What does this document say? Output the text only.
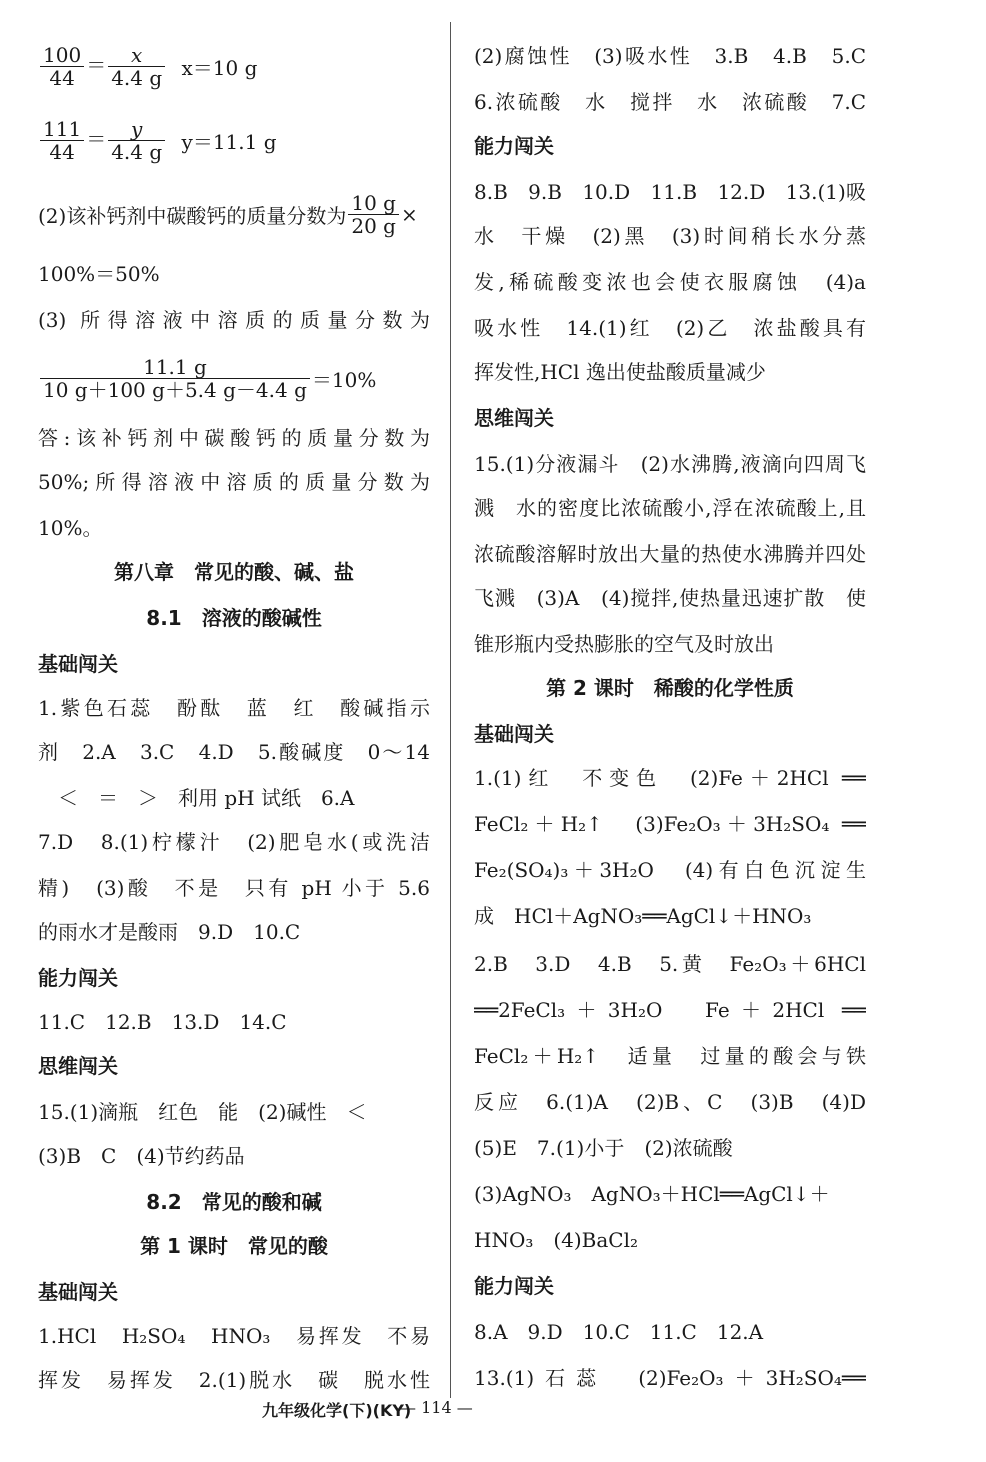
$\frac{100}{44} = \frac{x}{4.4 g} x=10$ g
$\frac{111}{44} = \frac{y}{4.4 g} y=11.1$ g
(2)该补钙剂中碳酸钙的质量分数为 $\frac{10 g}{20 g}$ ×
100%＝50%
(3) 所得溶液中溶质的质量分数为
$\frac{11.1 g}{10 g+100 g+5.4 g-4.4 g} =10\%$
答:该补钙剂中碳酸钙的质量分数为
50%;所得溶液中溶质的质量分数为
10%。
第八章　常见的酸、碱、盐
8.1　溶液的酸碱性
基础闯关
1.紫色石蕊　酚酞　蓝　红　酸碱指示
剂　2.A　3.C　4.D　5.酸碱度　0～14
　＜　＝　＞　利用 pH 试纸　6.A
7.D　8.(1)柠檬汁　(2)肥皂水(或洗洁
精)　(3)酸　不是　只有 pH 小于 5.6
的雨水才是酸雨　9.D　10.C
能力闯关
11.C　12.B　13.D　14.C
思维闯关
15.(1)滴瓶　红色　能　(2)碱性　＜
(3)B　C　(4)节约药品
8.2　常见的酸和碱
第 1 课时　常见的酸
基础闯关
1.HCl　H₂SO₄　HNO₃　易挥发　不易
挥发　易挥发　2.(1)脱水　碳　脱水性
(2)腐蚀性　(3)吸水性　3.B　4.B　5.C
6.浓硫酸　水　搅拌　水　浓硫酸　7.C
能力闯关
8.B　9.B　10.D　11.B　12.D　13.(1)吸
水　干燥　(2)黑　(3)时间稍长水分蒸
发,稀硫酸变浓也会使衣服腐蚀　(4)a
吸水性　14.(1)红　(2)乙　浓盐酸具有
挥发性,HCl 逸出使盐酸质量减少
思维闯关
15.(1)分液漏斗　(2)水沸腾,液滴向四周飞
溅　水的密度比浓硫酸小,浮在浓硫酸上,且
浓硫酸溶解时放出大量的热使水沸腾并四处
飞溅　(3)A　(4)搅拌,使热量迅速扩散　使
锥形瓶内受热膨胀的空气及时放出
第 2 课时　稀酸的化学性质
基础闯关
1.(1)红　不变色　(2)Fe＋2HCl ══
FeCl₂＋H₂↑　(3)Fe₂O₃＋3H₂SO₄ ══
Fe₂(SO₄)₃＋3H₂O　(4)有白色沉淀生
成　HCl＋AgNO₃══AgCl↓＋HNO₃
2.B　3.D　4.B　5.黄　Fe₂O₃＋6HCl
══2FeCl₃＋3H₂O　Fe＋2HCl ══
FeCl₂＋H₂↑　适量　过量的酸会与铁
反应　6.(1)A　(2)B、C　(3)B　(4)D
(5)E　7.(1)小于　(2)浓硫酸
(3)AgNO₃　AgNO₃＋HCl══AgCl↓＋
HNO₃　(4)BaCl₂
能力闯关
8.A　9.D　10.C　11.C　12.A
13.(1)石蕊　(2)Fe₂O₃＋3H₂SO₄══
九年级化学(下)(KY)
— 114 —
